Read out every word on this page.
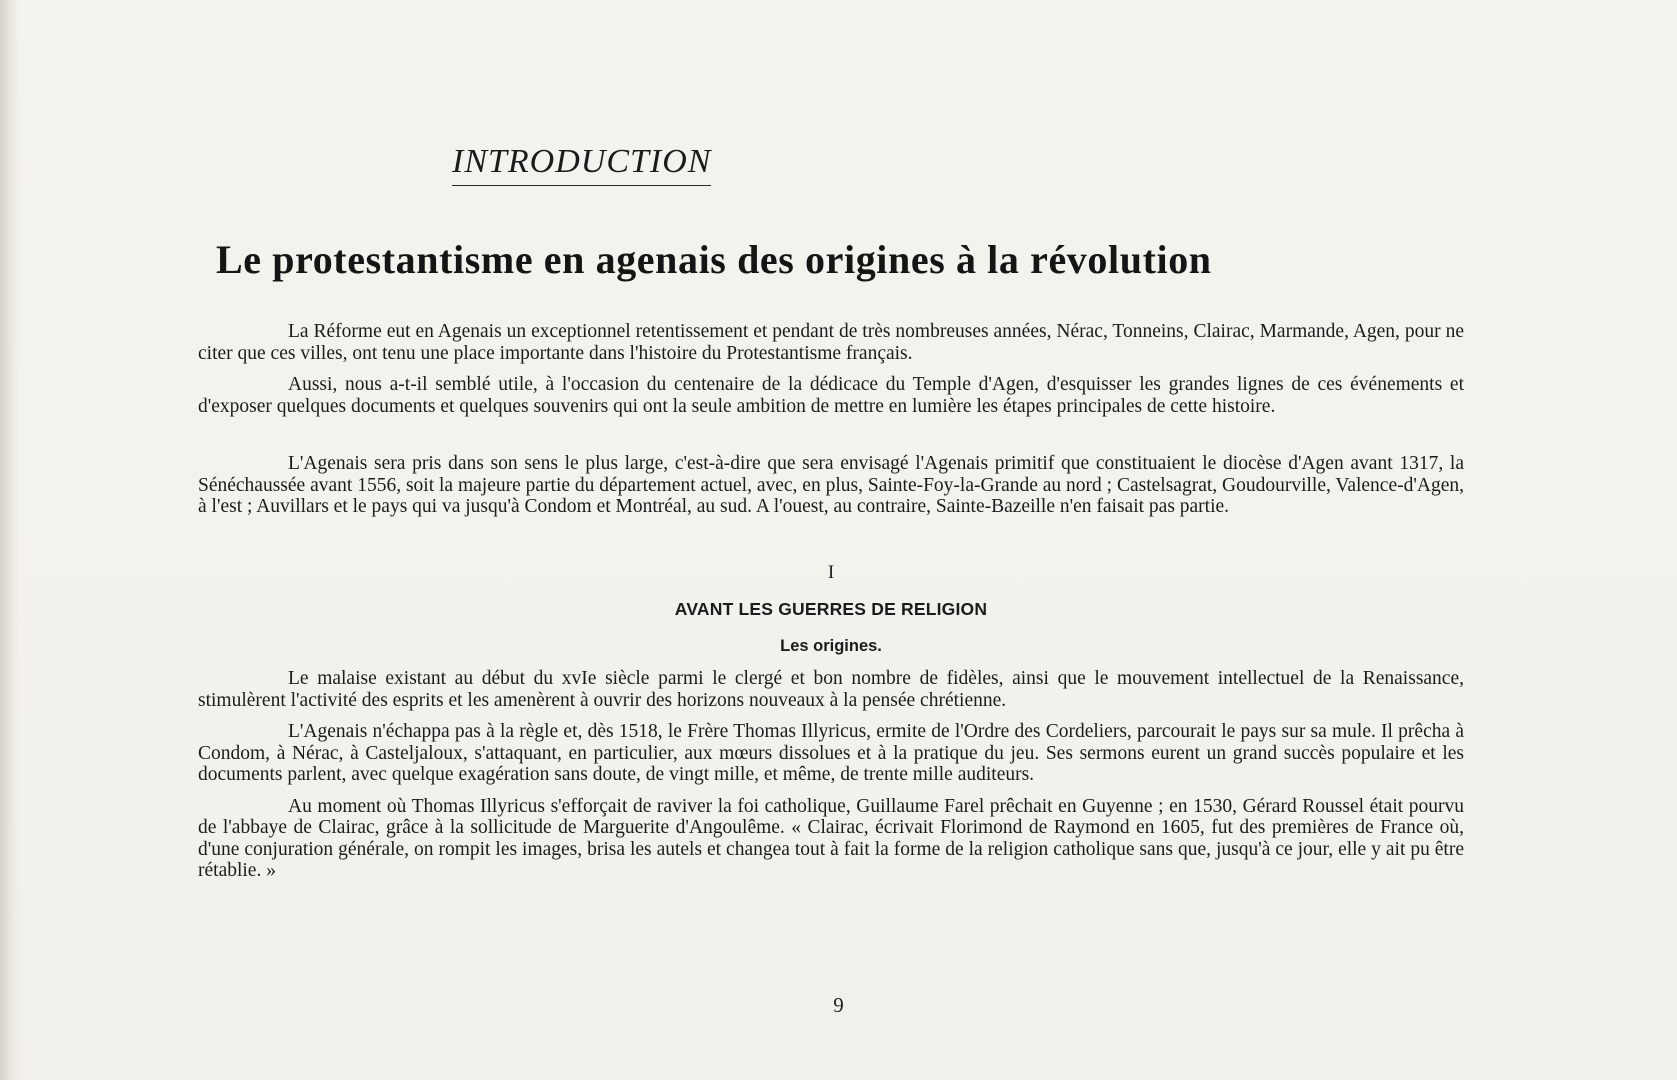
INTRODUCTION
Le protestantisme en agenais des origines à la révolution

La Réforme eut en Agenais un exceptionnel retentissement et pendant de très nombreuses années, Nérac, Tonneins, Clairac, Marmande, Agen, pour ne citer que ces villes, ont tenu une place importante dans l'histoire du Protestantisme français.

Aussi, nous a-t-il semblé utile, à l'occasion du centenaire de la dédicace du Temple d'Agen, d'esquisser les grandes lignes de ces événements et d'exposer quelques documents et quelques souvenirs qui ont la seule ambition de mettre en lumière les étapes principales de cette histoire.

L'Agenais sera pris dans son sens le plus large, c'est-à-dire que sera envisagé l'Agenais primitif que constituaient le diocèse d'Agen avant 1317, la Sénéchaussée avant 1556, soit la majeure partie du département actuel, avec, en plus, Sainte-Foy-la-Grande au nord ; Castelsagrat, Goudourville, Valence-d'Agen, à l'est ; Auvillars et le pays qui va jusqu'à Condom et Montréal, au sud. A l'ouest, au contraire, Sainte-Bazeille n'en faisait pas partie.

I
AVANT LES GUERRES DE RELIGION
Les origines.

Le malaise existant au début du xvIe siècle parmi le clergé et bon nombre de fidèles, ainsi que le mouvement intellectuel de la Renaissance, stimulèrent l'activité des esprits et les amenèrent à ouvrir des horizons nouveaux à la pensée chrétienne.

L'Agenais n'échappa pas à la règle et, dès 1518, le Frère Thomas Illyricus, ermite de l'Ordre des Cordeliers, parcourait le pays sur sa mule. Il prêcha à Condom, à Nérac, à Casteljaloux, s'attaquant, en particulier, aux mœurs dissolues et à la pratique du jeu. Ses sermons eurent un grand succès populaire et les documents parlent, avec quelque exagération sans doute, de vingt mille, et même, de trente mille auditeurs.

Au moment où Thomas Illyricus s'efforçait de raviver la foi catholique, Guillaume Farel prêchait en Guyenne ; en 1530, Gérard Roussel était pourvu de l'abbaye de Clairac, grâce à la sollicitude de Marguerite d'Angoulême. « Clairac, écrivait Florimond de Raymond en 1605, fut des premières de France où, d'une conjuration générale, on rompit les images, brisa les autels et changea tout à fait la forme de la religion catholique sans que, jusqu'à ce jour, elle y ait pu être rétablie. »

9
